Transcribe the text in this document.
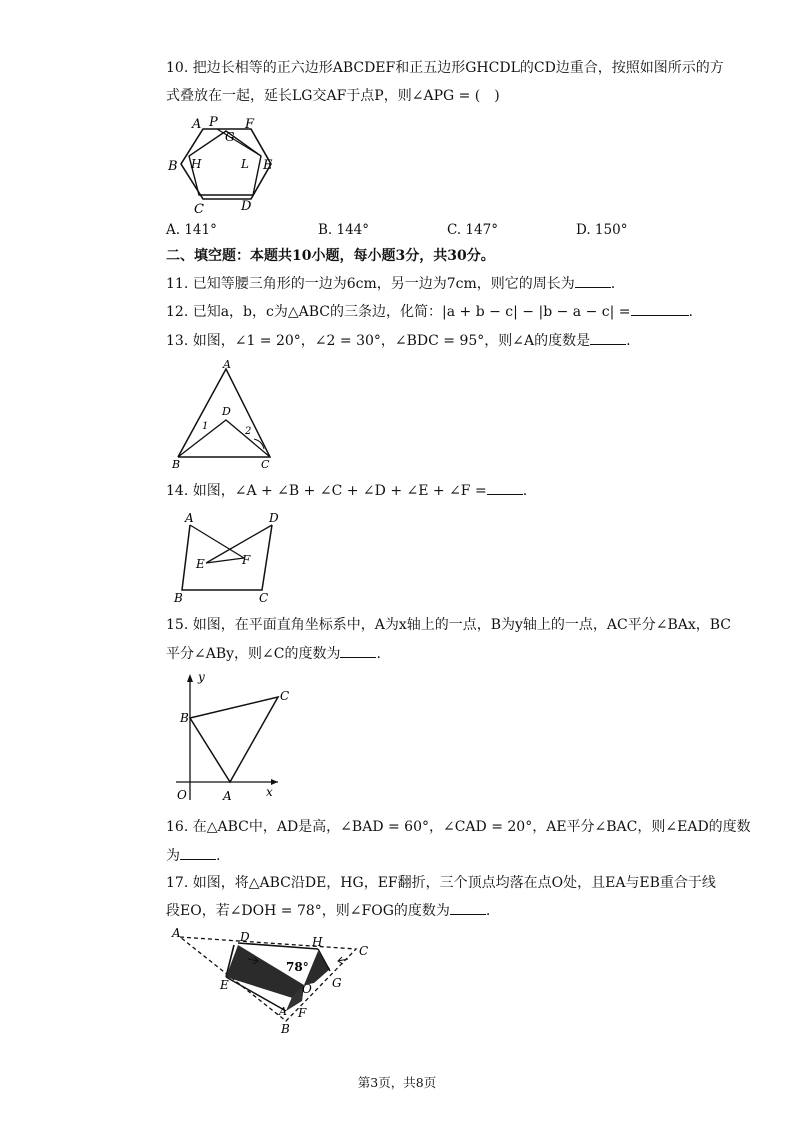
10. 把边长相等的正六边形ABCDEF和正五边形GHCDL的CD边重合，按照如图所示的方
式叠放在一起，延长LG交AF于点P，则∠APG = (　)
A P F
G
B H	L E
C	D
A. 141°	B. 144°	C. 147°	D. 150°
二、填空题：本题共10小题，每小题3分，共30分。
11. 已知等腰三角形的一边为6cm，另一边为7cm，则它的周长为	.
12. 已知a，b，c为△ABC的三条边，化简：|a + b − c| − |b − a − c| =	.
13. 如图，∠1 = 20°，∠2 = 30°，∠BDC = 95°，则∠A的度数是	.
A
D
1	2
B	C
14. 如图，∠A + ∠B + ∠C + ∠D + ∠E + ∠F =	.
A	D
E	F
B	C
15. 如图，在平面直角坐标系中，A为x轴上的一点，B为y轴上的一点，AC平分∠BAx，BC
平分∠ABy，则∠C的度数为	.
y
C
B
O	A	x
16. 在△ABC中，AD是高，∠BAD = 60°，∠CAD = 20°，AE平分∠BAC，则∠EAD的度数
为	.
17. 如图，将△ABC沿DE，HG，EF翻折，三个顶点均落在点O处，且EA与EB重合于线
段EO，若∠DOH = 78°，则∠FOG的度数为	.
A	D	H
C
78°
E	O G
A F
B
第3页，共8页
